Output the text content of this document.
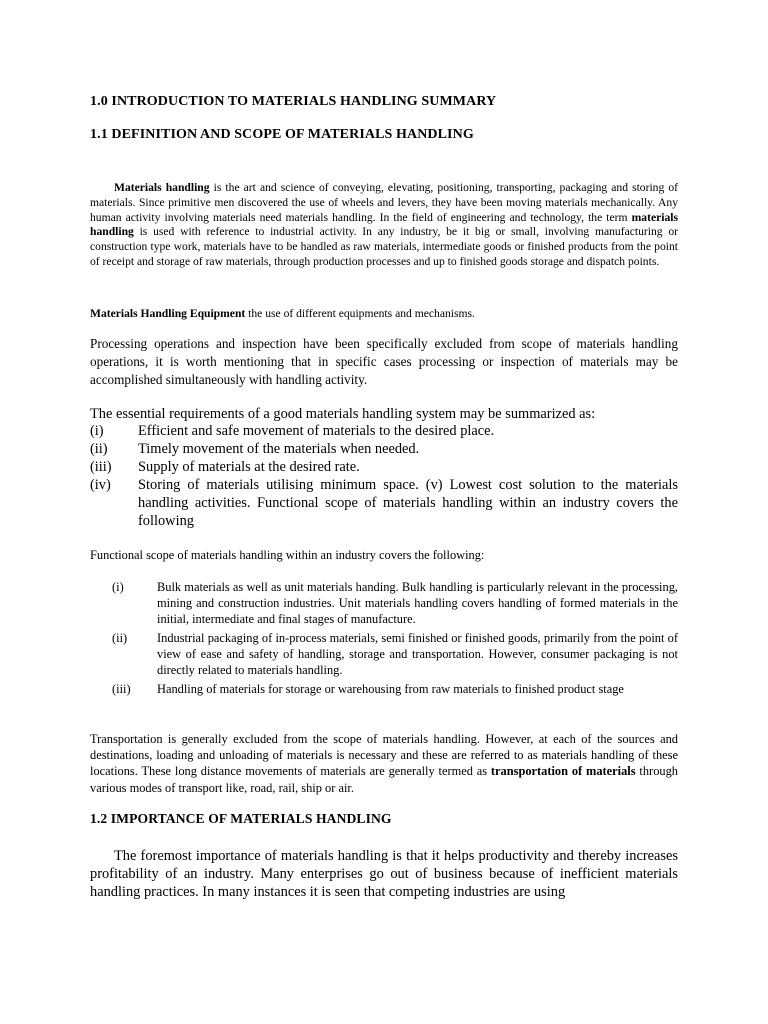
1.0 INTRODUCTION TO MATERIALS HANDLING SUMMARY
1.1 DEFINITION AND SCOPE OF MATERIALS HANDLING

Materials handling is the art and science of conveying, elevating, positioning, transporting, packaging and storing of materials. Since primitive men discovered the use of wheels and levers, they have been moving materials mechanically. Any human activity involving materials need materials handling. In the field of engineering and technology, the term materials handling is used with reference to industrial activity. In any industry, be it big or small, involving manufacturing or construction type work, materials have to be handled as raw materials, intermediate goods or finished products from the point of receipt and storage of raw materials, through production processes and up to finished goods storage and dispatch points.

Materials Handling Equipment the use of different equipments and mechanisms.

Processing operations and inspection have been specifically excluded from scope of materials handling operations, it is worth mentioning that in specific cases processing or inspection of materials may be accomplished simultaneously with handling activity.

The essential requirements of a good materials handling system may be summarized as:

(i) Efficient and safe movement of materials to the desired place.
(ii) Timely movement of the materials when needed.
(iii) Supply of materials at the desired rate.
(iv) Storing of materials utilising minimum space. (v) Lowest cost solution to the materials handling activities. Functional scope of materials handling within an industry covers the following

Functional scope of materials handling within an industry covers the following:

(i)	Bulk materials as well as unit materials handing. Bulk handling is particularly relevant in the processing, mining and construction industries. Unit materials handling covers handling of formed materials in the initial, intermediate and final stages of manufacture.
(ii) Industrial packaging of in-process materials, semi finished or finished goods, primarily from the point of view of ease and safety of handling, storage and transportation. However, consumer packaging is not directly related to materials handling.
(iii) Handling of materials for storage or warehousing from raw materials to finished product stage

Transportation is generally excluded from the scope of materials handling. However, at each of the sources and destinations, loading and unloading of materials is necessary and these are referred to as materials handling of these locations. These long distance movements of materials are generally termed as transportation of materials through various modes of transport like, road, rail, ship or air.

1.2 IMPORTANCE OF MATERIALS HANDLING

The foremost importance of materials handling is that it helps productivity and thereby increases profitability of an industry. Many enterprises go out of business because of inefficient materials handling practices. In many instances it is seen that competing industries are using
